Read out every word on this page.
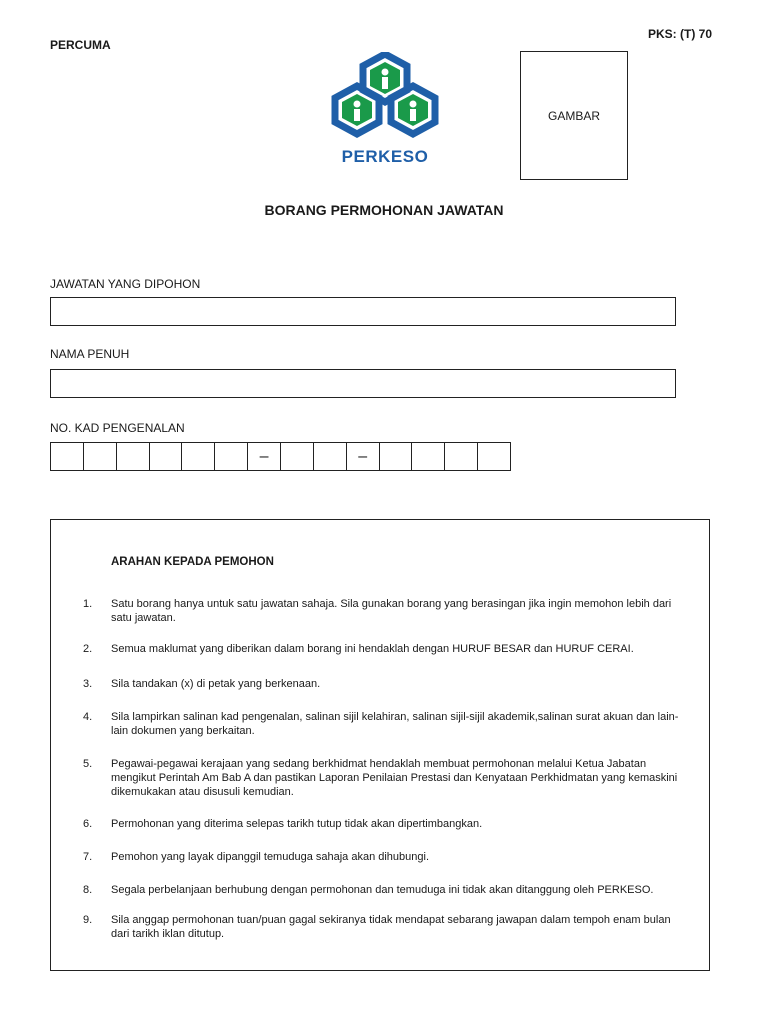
PERCUMA
PKS: (T) 70
PERKESO
GAMBAR
BORANG PERMOHONAN JAWATAN
JAWATAN YANG DIPOHON
NAMA PENUH
NO. KAD PENGENALAN
–	–
ARAHAN KEPADA PEMOHON
1.	Satu borang hanya untuk satu jawatan sahaja. Sila gunakan borang yang berasingan jika ingin memohon lebih dari satu jawatan.
2.	Semua maklumat yang diberikan dalam borang ini hendaklah dengan HURUF BESAR dan HURUF CERAI.
3.	Sila tandakan (x) di petak yang berkenaan.
4.	Sila lampirkan salinan kad pengenalan, salinan sijil kelahiran, salinan sijil-sijil akademik,salinan surat akuan dan lain-lain dokumen yang berkaitan.
5.	Pegawai-pegawai kerajaan yang sedang berkhidmat hendaklah membuat permohonan melalui Ketua Jabatan mengikut Perintah Am Bab A dan pastikan Laporan Penilaian Prestasi dan Kenyataan Perkhidmatan yang kemaskini dikemukakan atau disusuli kemudian.
6.	Permohonan yang diterima selepas tarikh tutup tidak akan dipertimbangkan.
7.	Pemohon yang layak dipanggil temuduga sahaja akan dihubungi.
8.	Segala perbelanjaan berhubung dengan permohonan dan temuduga ini tidak akan ditanggung oleh PERKESO.
9.	Sila anggap permohonan tuan/puan gagal sekiranya tidak mendapat sebarang jawapan dalam tempoh enam bulan dari tarikh iklan ditutup.
